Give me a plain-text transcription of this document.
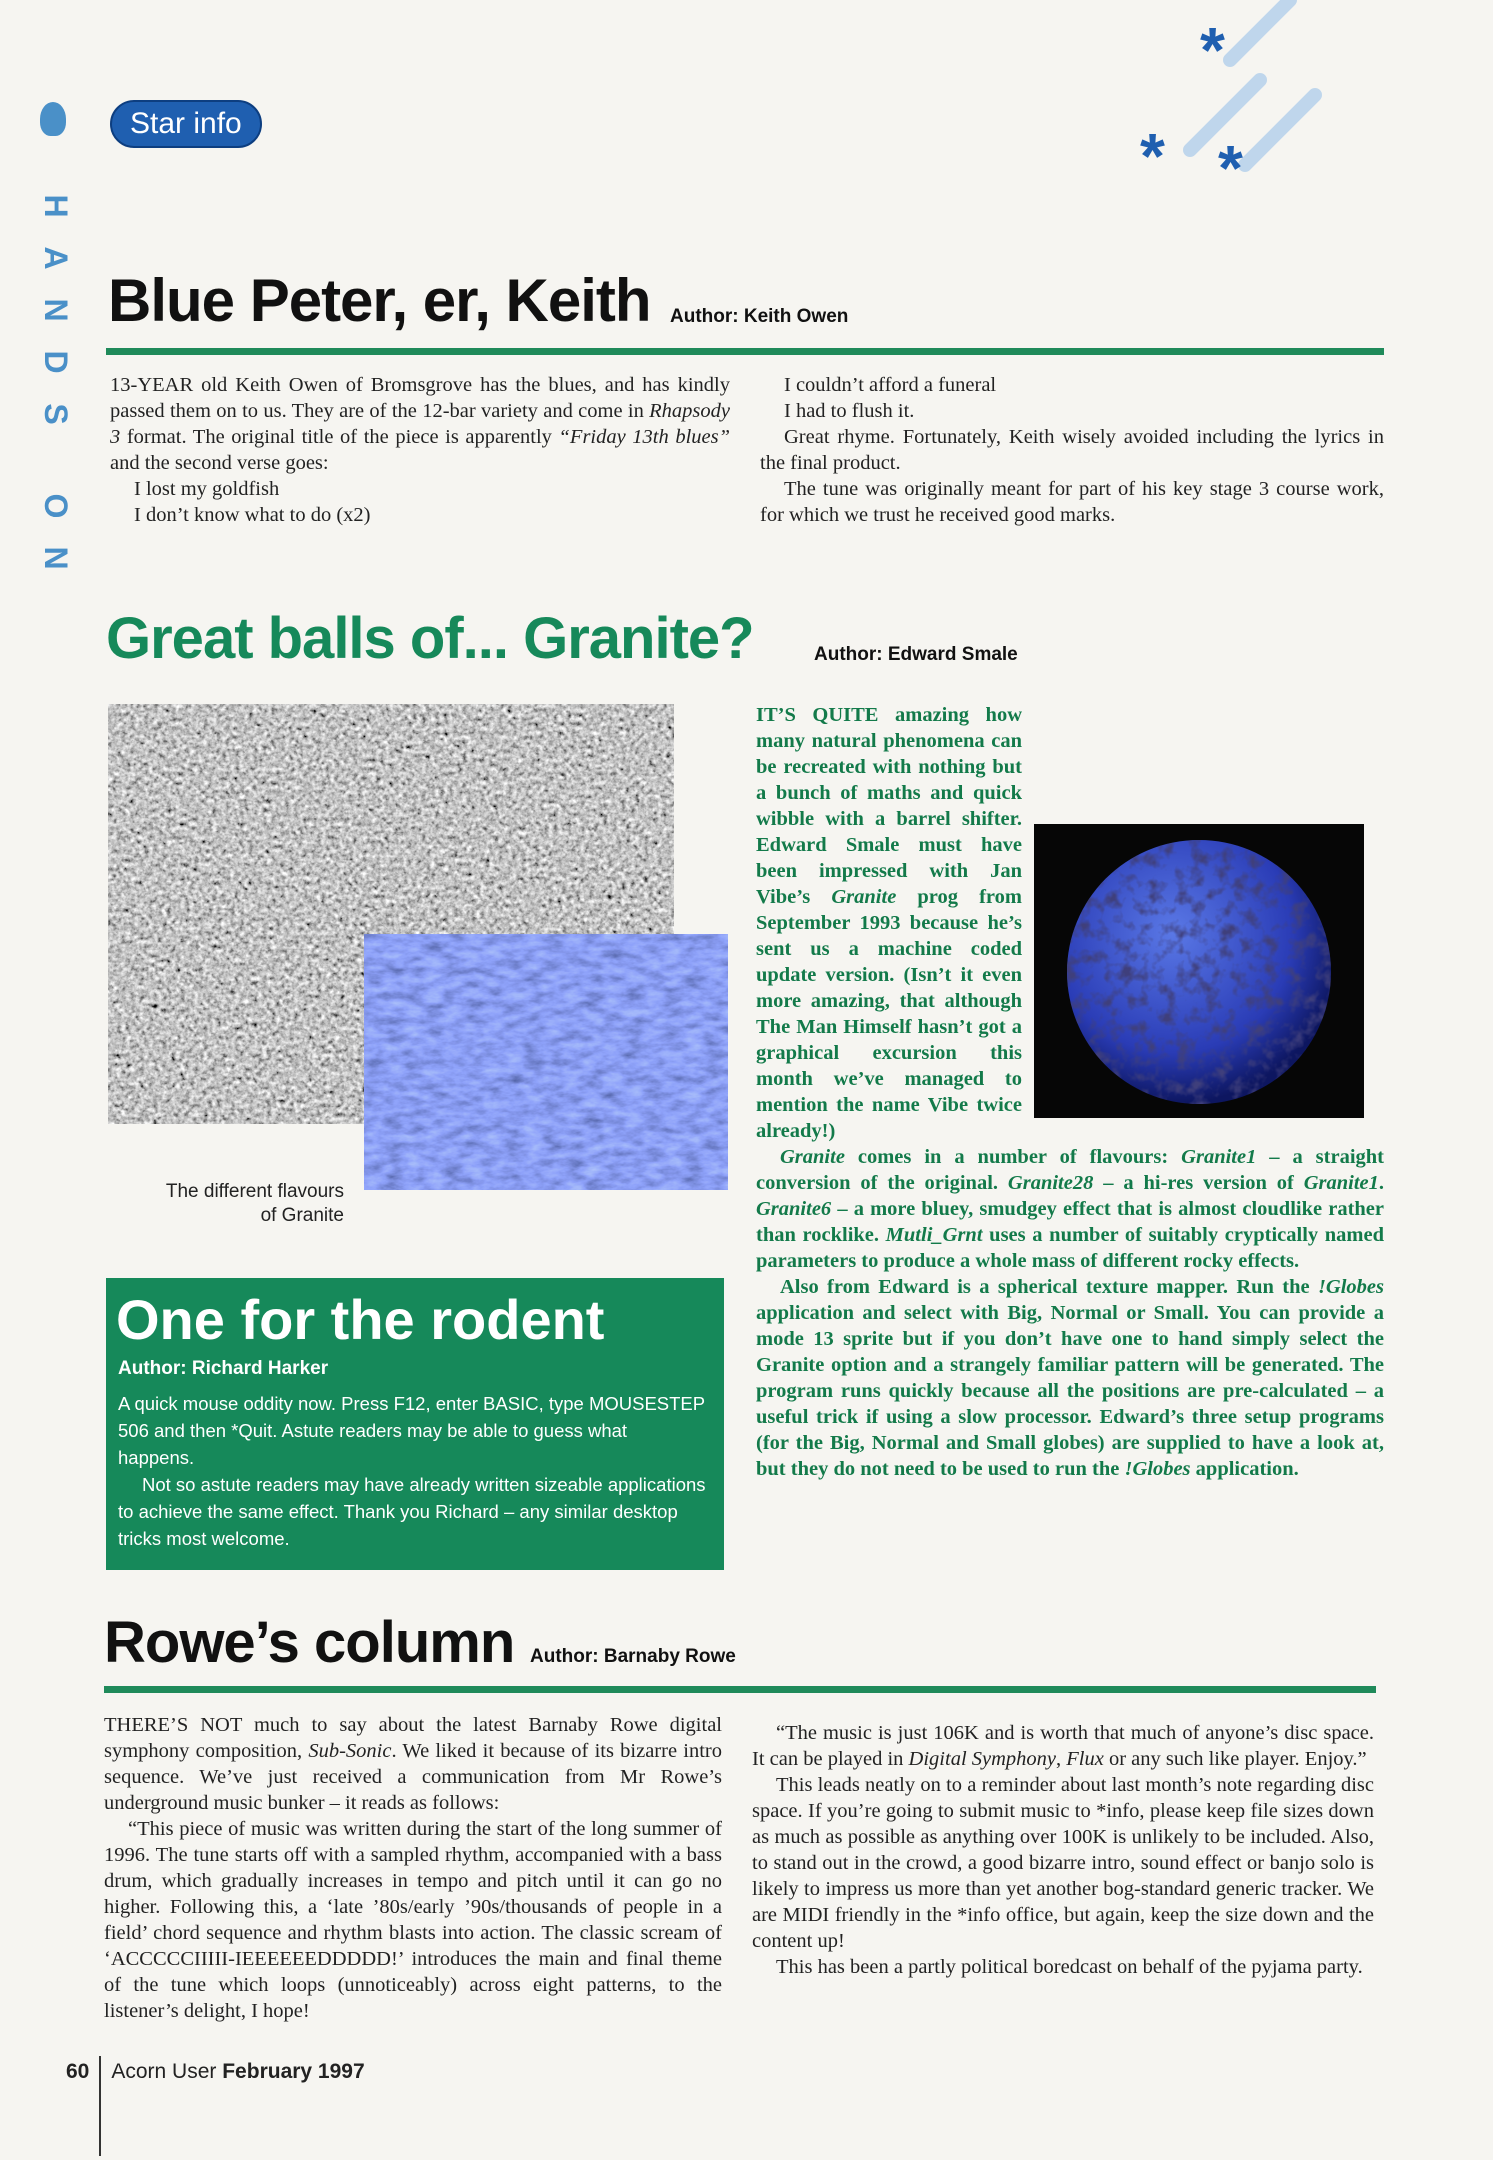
H
A
N
D
S
O
N
Star info
*
* *
Blue Peter, er, Keith Author: Keith Owen

13-YEAR old Keith Owen of Bromsgrove has the blues, and has kindly passed them on to us. They are of the 12-bar variety and come in Rhapsody 3 format. The original title of the piece is apparently “Friday 13th blues” and the second verse goes:

I lost my goldfish

I don’t know what to do (x2)

I couldn’t afford a funeral

I had to flush it.

Great rhyme. Fortunately, Keith wisely avoided including the lyrics in the final product.

The tune was originally meant for part of his key stage 3 course work, for which we trust he received good marks.

Great balls of... Granite?	Author: Edward Smale
The different flavours of Granite

IT’S QUITE amazing how many natural phenomena can be recreated with nothing but a bunch of maths and quick wibble with a barrel shifter. Edward Smale must have been impressed with Jan Vibe’s Granite prog from September 1993 because he’s sent us a machine coded update version. (Isn’t it even more amazing, that although The Man Himself hasn’t got a graphical excursion this month we’ve managed to mention the name Vibe twice already!)

Granite comes in a number of flavours: Granite1 – a straight conversion of the original. Granite28 – a hi-res version of Granite1. Granite6 – a more bluey, smudgey effect that is almost cloudlike rather than rocklike. Mutli_Grnt uses a number of suitably cryptically named parameters to produce a whole mass of different rocky effects.

Also from Edward is a spherical texture mapper. Run the !Globes application and select with Big, Normal or Small. You can provide a mode 13 sprite but if you don’t have one to hand simply select the Granite option and a strangely familiar pattern will be generated. The program runs quickly because all the positions are pre-calculated – a useful trick if using a slow processor. Edward’s three setup programs (for the Big, Normal and Small globes) are supplied to have a look at, but they do not need to be used to run the !Globes application.

One for the rodent
Author: Richard Harker

A quick mouse oddity now. Press F12, enter BASIC, type MOUSESTEP 506 and then *Quit. Astute readers may be able to guess what happens.

Not so astute readers may have already written sizeable applications to achieve the same effect. Thank you Richard – any similar desktop tricks most welcome.

Rowe’s column Author: Barnaby Rowe

THERE’S NOT much to say about the latest Barnaby Rowe digital symphony composition, Sub-Sonic. We liked it because of its bizarre intro sequence. We’ve just received a communication from Mr Rowe’s underground music bunker – it reads as follows:

“This piece of music was written during the start of the long summer of 1996. The tune starts off with a sampled rhythm, accompanied with a bass drum, which gradually increases in tempo and pitch until it can go no higher. Following this, a ‘late ’80s/early ’90s/thousands of people in a field’ chord sequence and rhythm blasts into action. The classic scream of ‘ACCCCCIIIII-IEEEEEEDDDDD!’ introduces the main and final theme of the tune which loops (unnoticeably) across eight patterns, to the listener’s delight, I hope!

“The music is just 106K and is worth that much of anyone’s disc space. It can be played in Digital Symphony, Flux or any such like player. Enjoy.”

This leads neatly on to a reminder about last month’s note regarding disc space. If you’re going to submit music to *info, please keep file sizes down as much as possible as anything over 100K is unlikely to be included. Also, to stand out in the crowd, a good bizarre intro, sound effect or banjo solo is likely to impress us more than yet another bog-standard generic tracker. We are MIDI friendly in the *info office, but again, keep the size down and the content up!

This has been a partly political boredcast on behalf of the pyjama party.

60 Acorn User February 1997
